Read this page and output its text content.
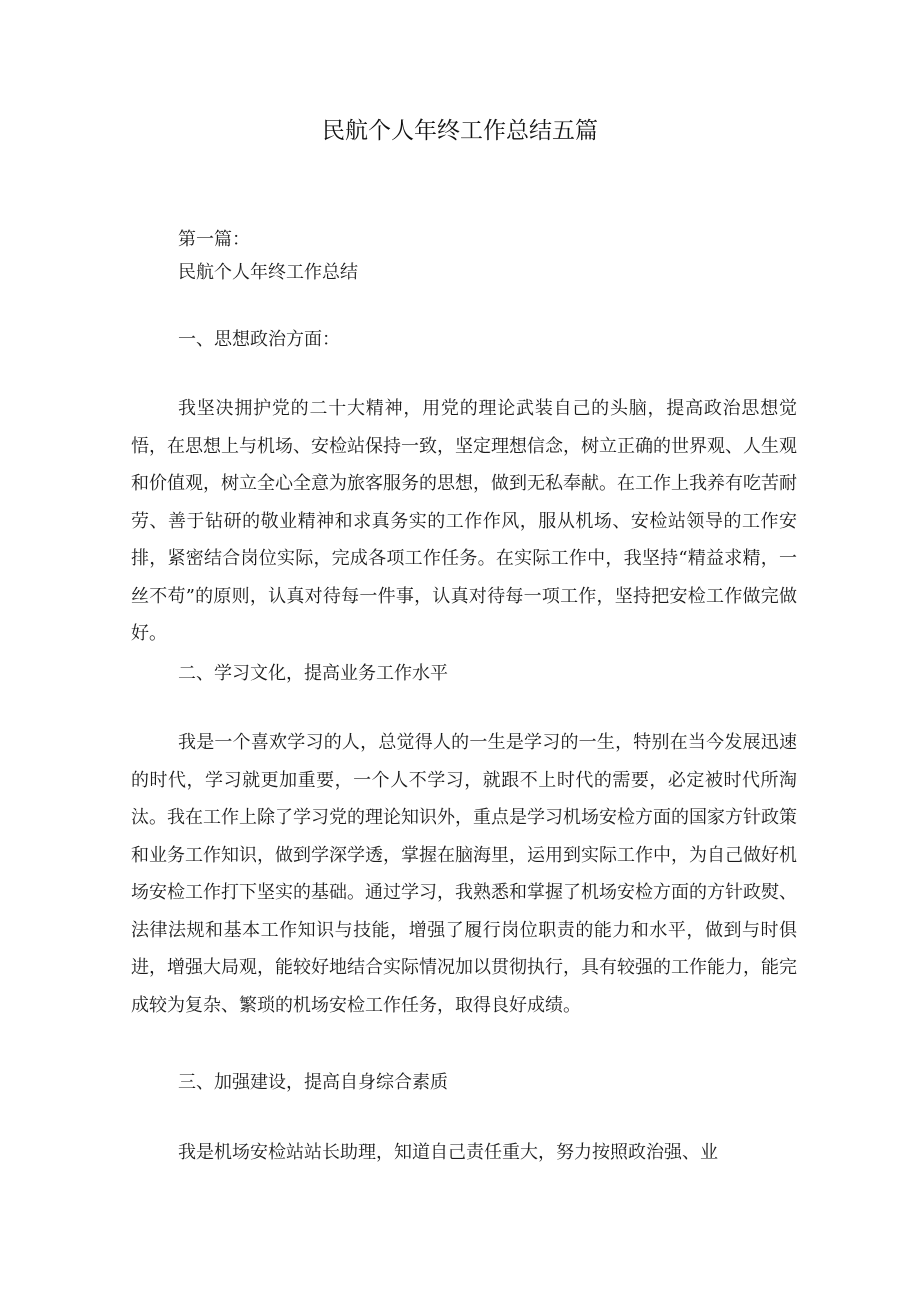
民航个人年终工作总结五篇

第一篇：

民航个人年终工作总结

一、思想政治方面：

我坚决拥护党的二十大精神，用党的理论武装自己的头脑，提高政治思想觉悟，在思想上与机场、安检站保持一致，坚定理想信念，树立正确的世界观、人生观和价值观，树立全心全意为旅客服务的思想，做到无私奉献。在工作上我养有吃苦耐劳、善于钻研的敬业精神和求真务实的工作作风，服从机场、安检站领导的工作安排，紧密结合岗位实际，完成各项工作任务。在实际工作中，我坚持“精益求精，一丝不苟”的原则，认真对待每一件事，认真对待每一项工作，坚持把安检工作做完做好。

二、学习文化，提高业务工作水平

我是一个喜欢学习的人，总觉得人的一生是学习的一生，特别在当今发展迅速的时代，学习就更加重要，一个人不学习，就跟不上时代的需要，必定被时代所淘汰。我在工作上除了学习党的理论知识外，重点是学习机场安检方面的国家方针政策和业务工作知识，做到学深学透，掌握在脑海里，运用到实际工作中，为自己做好机场安检工作打下坚实的基础。通过学习，我熟悉和掌握了机场安检方面的方针政熨、法律法规和基本工作知识与技能，增强了履行岗位职责的能力和水平，做到与时俱进，增强大局观，能较好地结合实际情况加以贯彻执行，具有较强的工作能力，能完成较为复杂、繁琐的机场安检工作任务，取得良好成绩。

三、加强建设，提高自身综合素质

我是机场安检站站长助理，知道自己责任重大，努力按照政治强、业
